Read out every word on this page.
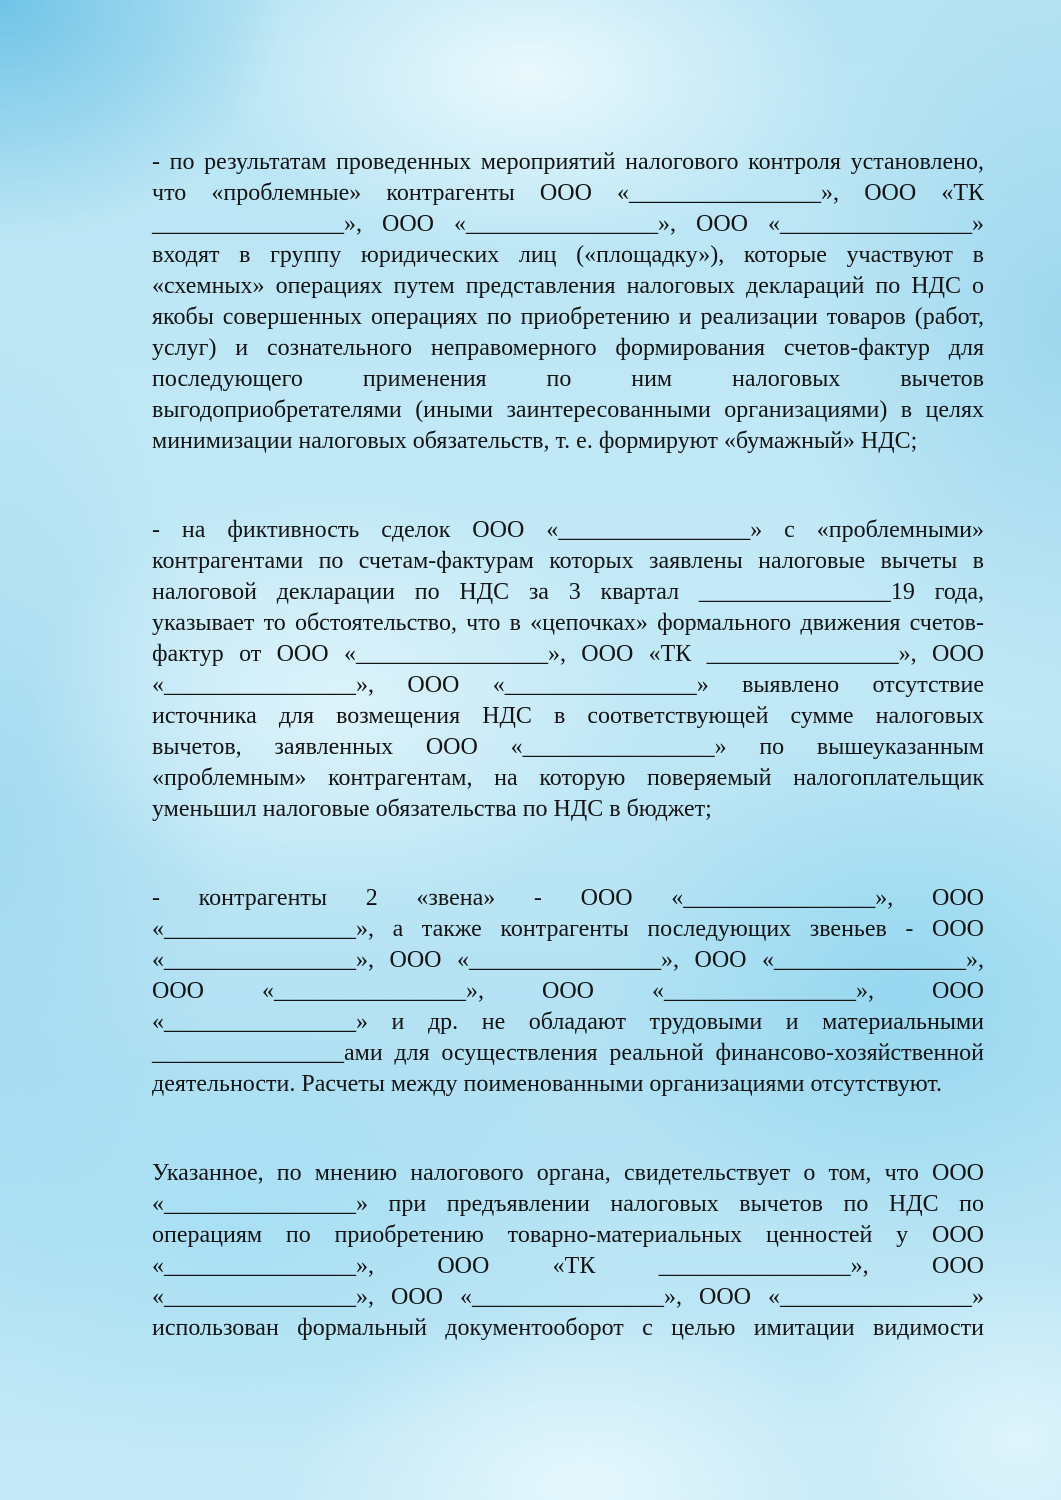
- по результатам проведенных мероприятий налогового контроля установлено,
что «проблемные» контрагенты ООО «________________», ООО «ТК
________________», ООО «________________», ООО «________________»
входят в группу юридических лиц («площадку»), которые участвуют в
«схемных» операциях путем представления налоговых деклараций по НДС о
якобы совершенных операциях по приобретению и реализации товаров (работ,
услуг) и сознательного неправомерного формирования счетов-фактур для
последующего применения по ним налоговых вычетов
выгодоприобретателями (иными заинтересованными организациями) в целях
минимизации налоговых обязательств, т. е. формируют «бумажный» НДС;
- на фиктивность сделок ООО «________________» с «проблемными»
контрагентами по счетам-фактурам которых заявлены налоговые вычеты в
налоговой декларации по НДС за 3 квартал ________________19 года,
указывает то обстоятельство, что в «цепочках» формального движения счетов-
фактур от ООО «________________», ООО «ТК ________________», ООО
«________________», ООО «________________» выявлено отсутствие
источника для возмещения НДС в соответствующей сумме налоговых
вычетов, заявленных ООО «________________» по вышеуказанным
«проблемным» контрагентам, на которую поверяемый налогоплательщик
уменьшил налоговые обязательства по НДС в бюджет;
- контрагенты 2 «звена» - ООО «________________», ООО
«________________», а также контрагенты последующих звеньев - ООО
«________________», ООО «________________», ООО «________________»,
ООО «________________», ООО «________________», ООО
«________________» и др. не обладают трудовыми и материальными
________________ами для осуществления реальной финансово-хозяйственной
деятельности. Расчеты между поименованными организациями отсутствуют.
Указанное, по мнению налогового органа, свидетельствует о том, что ООО
«________________» при предъявлении налоговых вычетов по НДС по
операциям по приобретению товарно-материальных ценностей у ООО
«________________», ООО «ТК ________________», ООО
«________________», ООО «________________», ООО «________________»
использован формальный документооборот с целью имитации видимости
